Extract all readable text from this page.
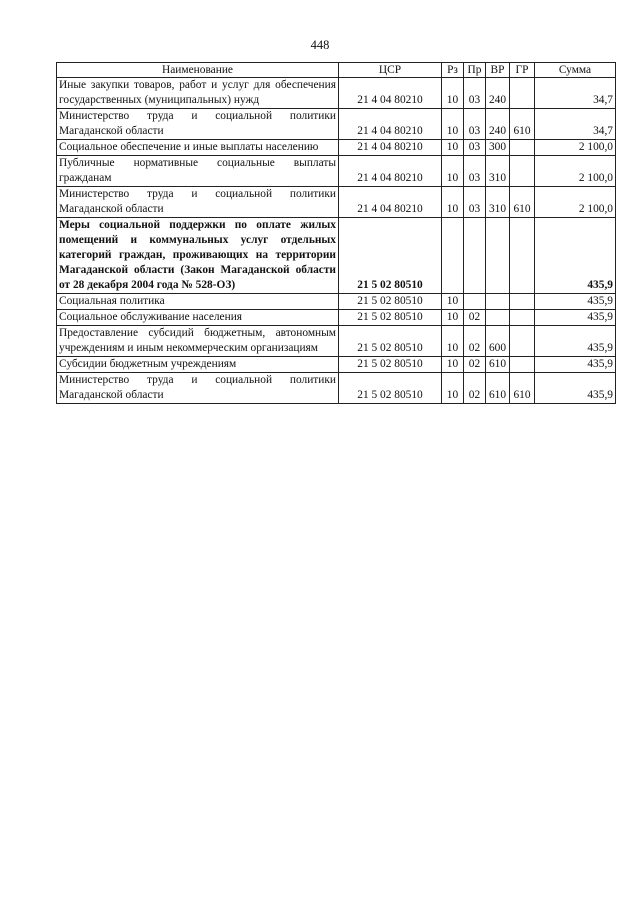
448
Наименование	ЦСР	Рз	Пр	ВР	ГР	Сумма
Иные закупки товаров, работ и услуг для обеспечения государственных (муниципальных) нужд	21 4 04 80210	10	03	240		34,7
Министерство труда и социальной политики Магаданской области	21 4 04 80210	10	03	240	610	34,7
Социальное обеспечение и иные выплаты населению	21 4 04 80210	10	03	300		2 100,0
Публичные нормативные социальные выплаты гражданам	21 4 04 80210	10	03	310		2 100,0
Министерство труда и социальной политики Магаданской области	21 4 04 80210	10	03	310	610	2 100,0
Меры социальной поддержки по оплате жилых помещений и коммунальных услуг отдельных категорий граждан, проживающих на территории Магаданской области (Закон Магаданской области от 28 декабря 2004 года № 528-ОЗ)	21 5 02 80510					435,9
Социальная политика	21 5 02 80510	10				435,9
Социальное обслуживание населения	21 5 02 80510	10	02			435,9
Предоставление субсидий бюджетным, автономным учреждениям и иным некоммерческим организациям	21 5 02 80510	10	02	600		435,9
Субсидии бюджетным учреждениям	21 5 02 80510	10	02	610		435,9
Министерство труда и социальной политики Магаданской области	21 5 02 80510	10	02	610	610	435,9
